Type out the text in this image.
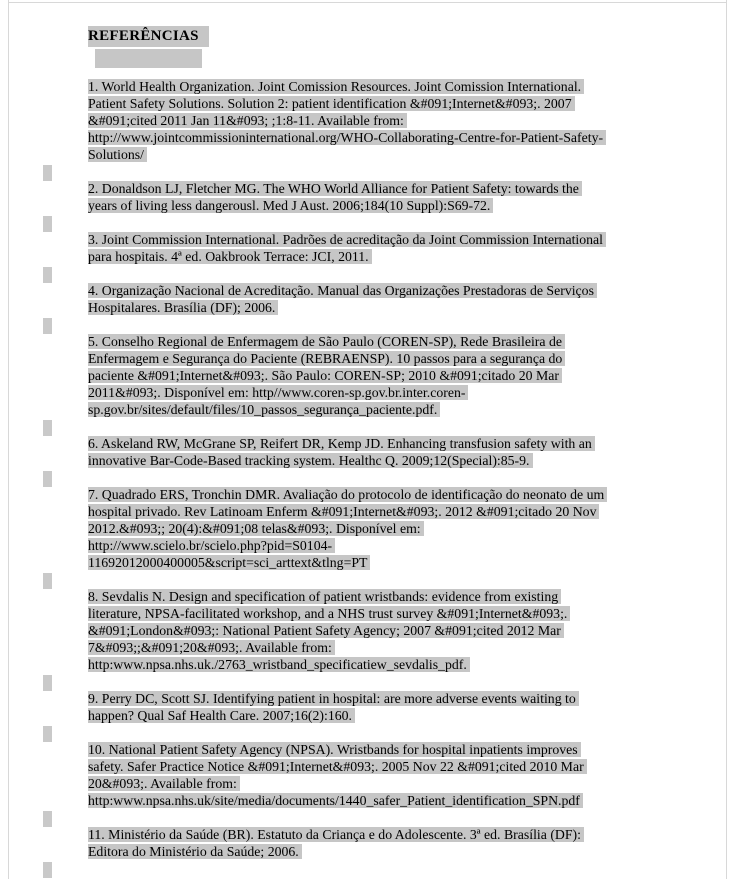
REFERÊNCIAS
1. World Health Organization. Joint Comission Resources. Joint Comission International.
Patient Safety Solutions. Solution 2: patient identification &#091;Internet&#093;. 2007
&#091;cited 2011 Jan 11&#093; ;1:8-11. Available from:
http://www.jointcommissioninternational.org/WHO-Collaborating-Centre-for-Patient-Safety-
Solutions/
2. Donaldson LJ, Fletcher MG. The WHO World Alliance for Patient Safety: towards the
years of living less dangerousl. Med J Aust. 2006;184(10 Suppl):S69-72.
3. Joint Commission International. Padrões de acreditação da Joint Commission International
para hospitais. 4ª ed. Oakbrook Terrace: JCI, 2011.
4. Organização Nacional de Acreditação. Manual das Organizações Prestadoras de Serviços
Hospitalares. Brasília (DF); 2006.
5. Conselho Regional de Enfermagem de São Paulo (COREN-SP), Rede Brasileira de
Enfermagem e Segurança do Paciente (REBRAENSP). 10 passos para a segurança do
paciente &#091;Internet&#093;. São Paulo: COREN-SP; 2010 &#091;citado 20 Mar
2011&#093;. Disponível em: http//www.coren-sp.gov.br.inter.coren-
sp.gov.br/sites/default/files/10_passos_segurança_paciente.pdf.
6. Askeland RW, McGrane SP, Reifert DR, Kemp JD. Enhancing transfusion safety with an
innovative Bar-Code-Based tracking system. Healthc Q. 2009;12(Special):85-9.
7. Quadrado ERS, Tronchin DMR. Avaliação do protocolo de identificação do neonato de um
hospital privado. Rev Latinoam Enferm &#091;Internet&#093;. 2012 &#091;citado 20 Nov
2012.&#093;; 20(4):&#091;08 telas&#093;. Disponível em:
http://www.scielo.br/scielo.php?pid=S0104-
11692012000400005&script=sci_arttext&tlng=PT
8. Sevdalis N. Design and specification of patient wristbands: evidence from existing
literature, NPSA-facilitated workshop, and a NHS trust survey &#091;Internet&#093;.
&#091;London&#093;: National Patient Safety Agency; 2007 &#091;cited 2012 Mar
7&#093;;&#091;20&#093;. Available from:
http:www.npsa.nhs.uk./2763_wristband_specificatiew_sevdalis_pdf.
9. Perry DC, Scott SJ. Identifying patient in hospital: are more adverse events waiting to
happen? Qual Saf Health Care. 2007;16(2):160.
10. National Patient Safety Agency (NPSA). Wristbands for hospital inpatients improves
safety. Safer Practice Notice &#091;Internet&#093;. 2005 Nov 22 &#091;cited 2010 Mar
20&#093;. Available from:
http:www.npsa.nhs.uk/site/media/documents/1440_safer_Patient_identification_SPN.pdf
11. Ministério da Saúde (BR). Estatuto da Criança e do Adolescente. 3ª ed. Brasília (DF):
Editora do Ministério da Saúde; 2006.
